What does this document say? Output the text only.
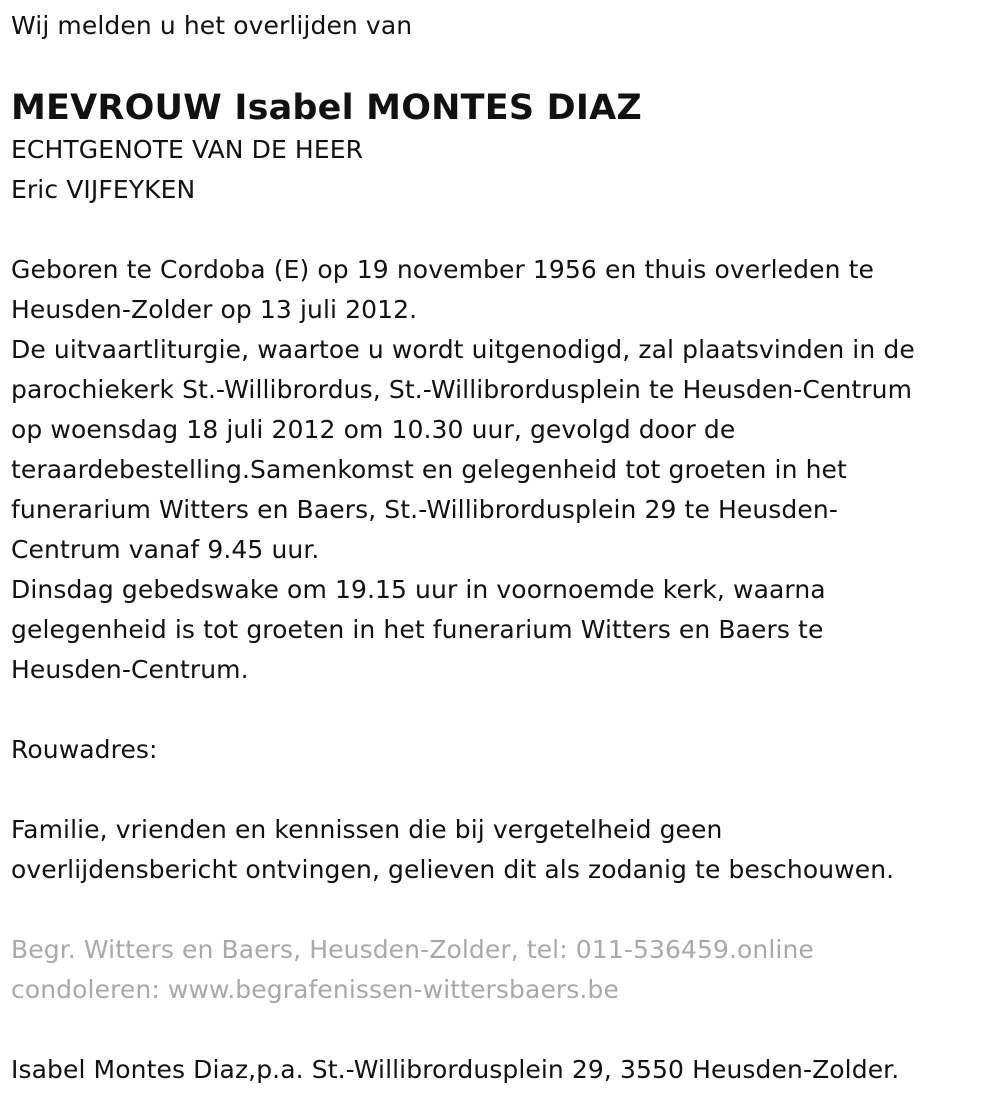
Wij melden u het overlijden van
MEVROUW Isabel MONTES DIAZ
ECHTGENOTE VAN DE HEER
Eric VIJFEYKEN
Geboren te Cordoba (E) op 19 november 1956 en thuis overleden te
Heusden-Zolder op 13 juli 2012.
De uitvaartliturgie, waartoe u wordt uitgenodigd, zal plaatsvinden in de
parochiekerk St.-Willibrordus, St.-Willibrordusplein te Heusden-Centrum
op woensdag 18 juli 2012 om 10.30 uur, gevolgd door de
teraardebestelling.Samenkomst en gelegenheid tot groeten in het
funerarium Witters en Baers, St.-Willibrordusplein 29 te Heusden-
Centrum vanaf 9.45 uur.
Dinsdag gebedswake om 19.15 uur in voornoemde kerk, waarna
gelegenheid is tot groeten in het funerarium Witters en Baers te
Heusden-Centrum.
Rouwadres:
Familie, vrienden en kennissen die bij vergetelheid geen
overlijdensbericht ontvingen, gelieven dit als zodanig te beschouwen.
Begr. Witters en Baers, Heusden-Zolder, tel: 011-536459.online
condoleren: www.begrafenissen-wittersbaers.be
Isabel Montes Diaz,p.a. St.-Willibrordusplein 29, 3550 Heusden-Zolder.
